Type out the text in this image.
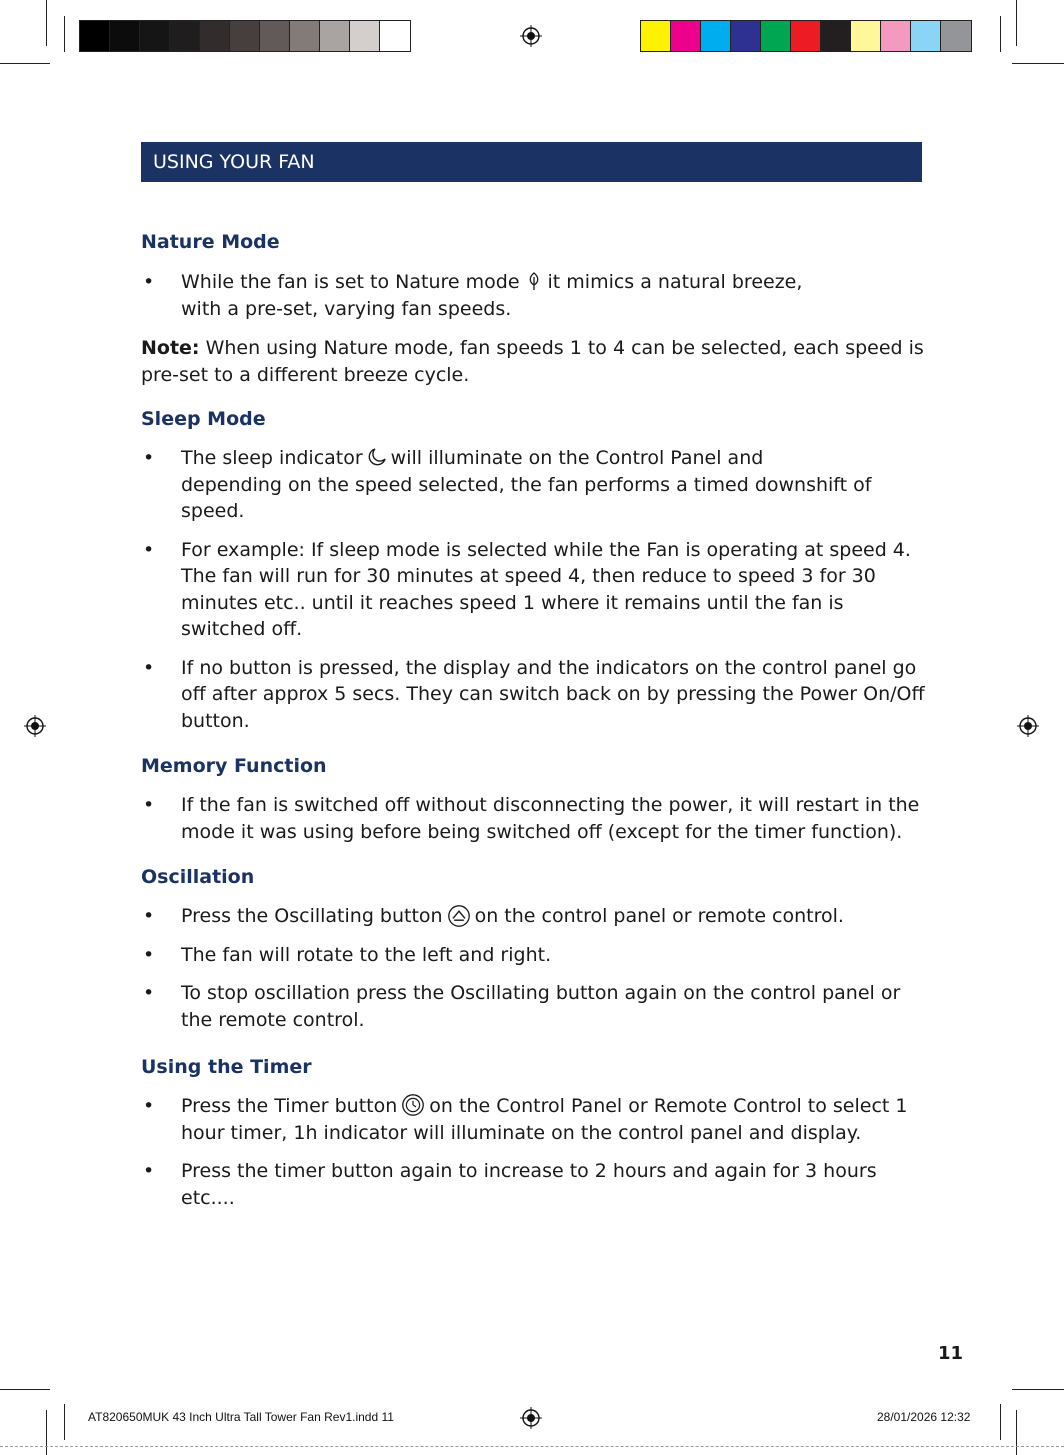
USING YOUR FAN
Nature Mode
• While the fan is set to Nature mode it mimics a natural breeze,
with a pre-set, varying fan speeds.
Note: When using Nature mode, fan speeds 1 to 4 can be selected, each speed is pre-set to a different breeze cycle.
Sleep Mode
• The sleep indicator will illuminate on the Control Panel and
depending on the speed selected, the fan performs a timed downshift of speed.
• For example: If sleep mode is selected while the Fan is operating at speed 4. The fan will run for 30 minutes at speed 4, then reduce to speed 3 for 30 minutes etc.. until it reaches speed 1 where it remains until the fan is switched off.
• If no button is pressed, the display and the indicators on the control panel go off after approx 5 secs. They can switch back on by pressing the Power On/Off button.
Memory Function
• If the fan is switched off without disconnecting the power, it will restart in the mode it was using before being switched off (except for the timer function).
Oscillation
• Press the Oscillating button on the control panel or remote control.
• The fan will rotate to the left and right.
• To stop oscillation press the Oscillating button again on the control panel or the remote control.
Using the Timer
• Press the Timer button on the Control Panel or Remote Control to select 1 hour timer, 1h indicator will illuminate on the control panel and display.
• Press the timer button again to increase to 2 hours and again for 3 hours etc....
11
AT820650MUK 43 Inch Ultra Tall Tower Fan Rev1.indd 11	28/01/2026 12:32
